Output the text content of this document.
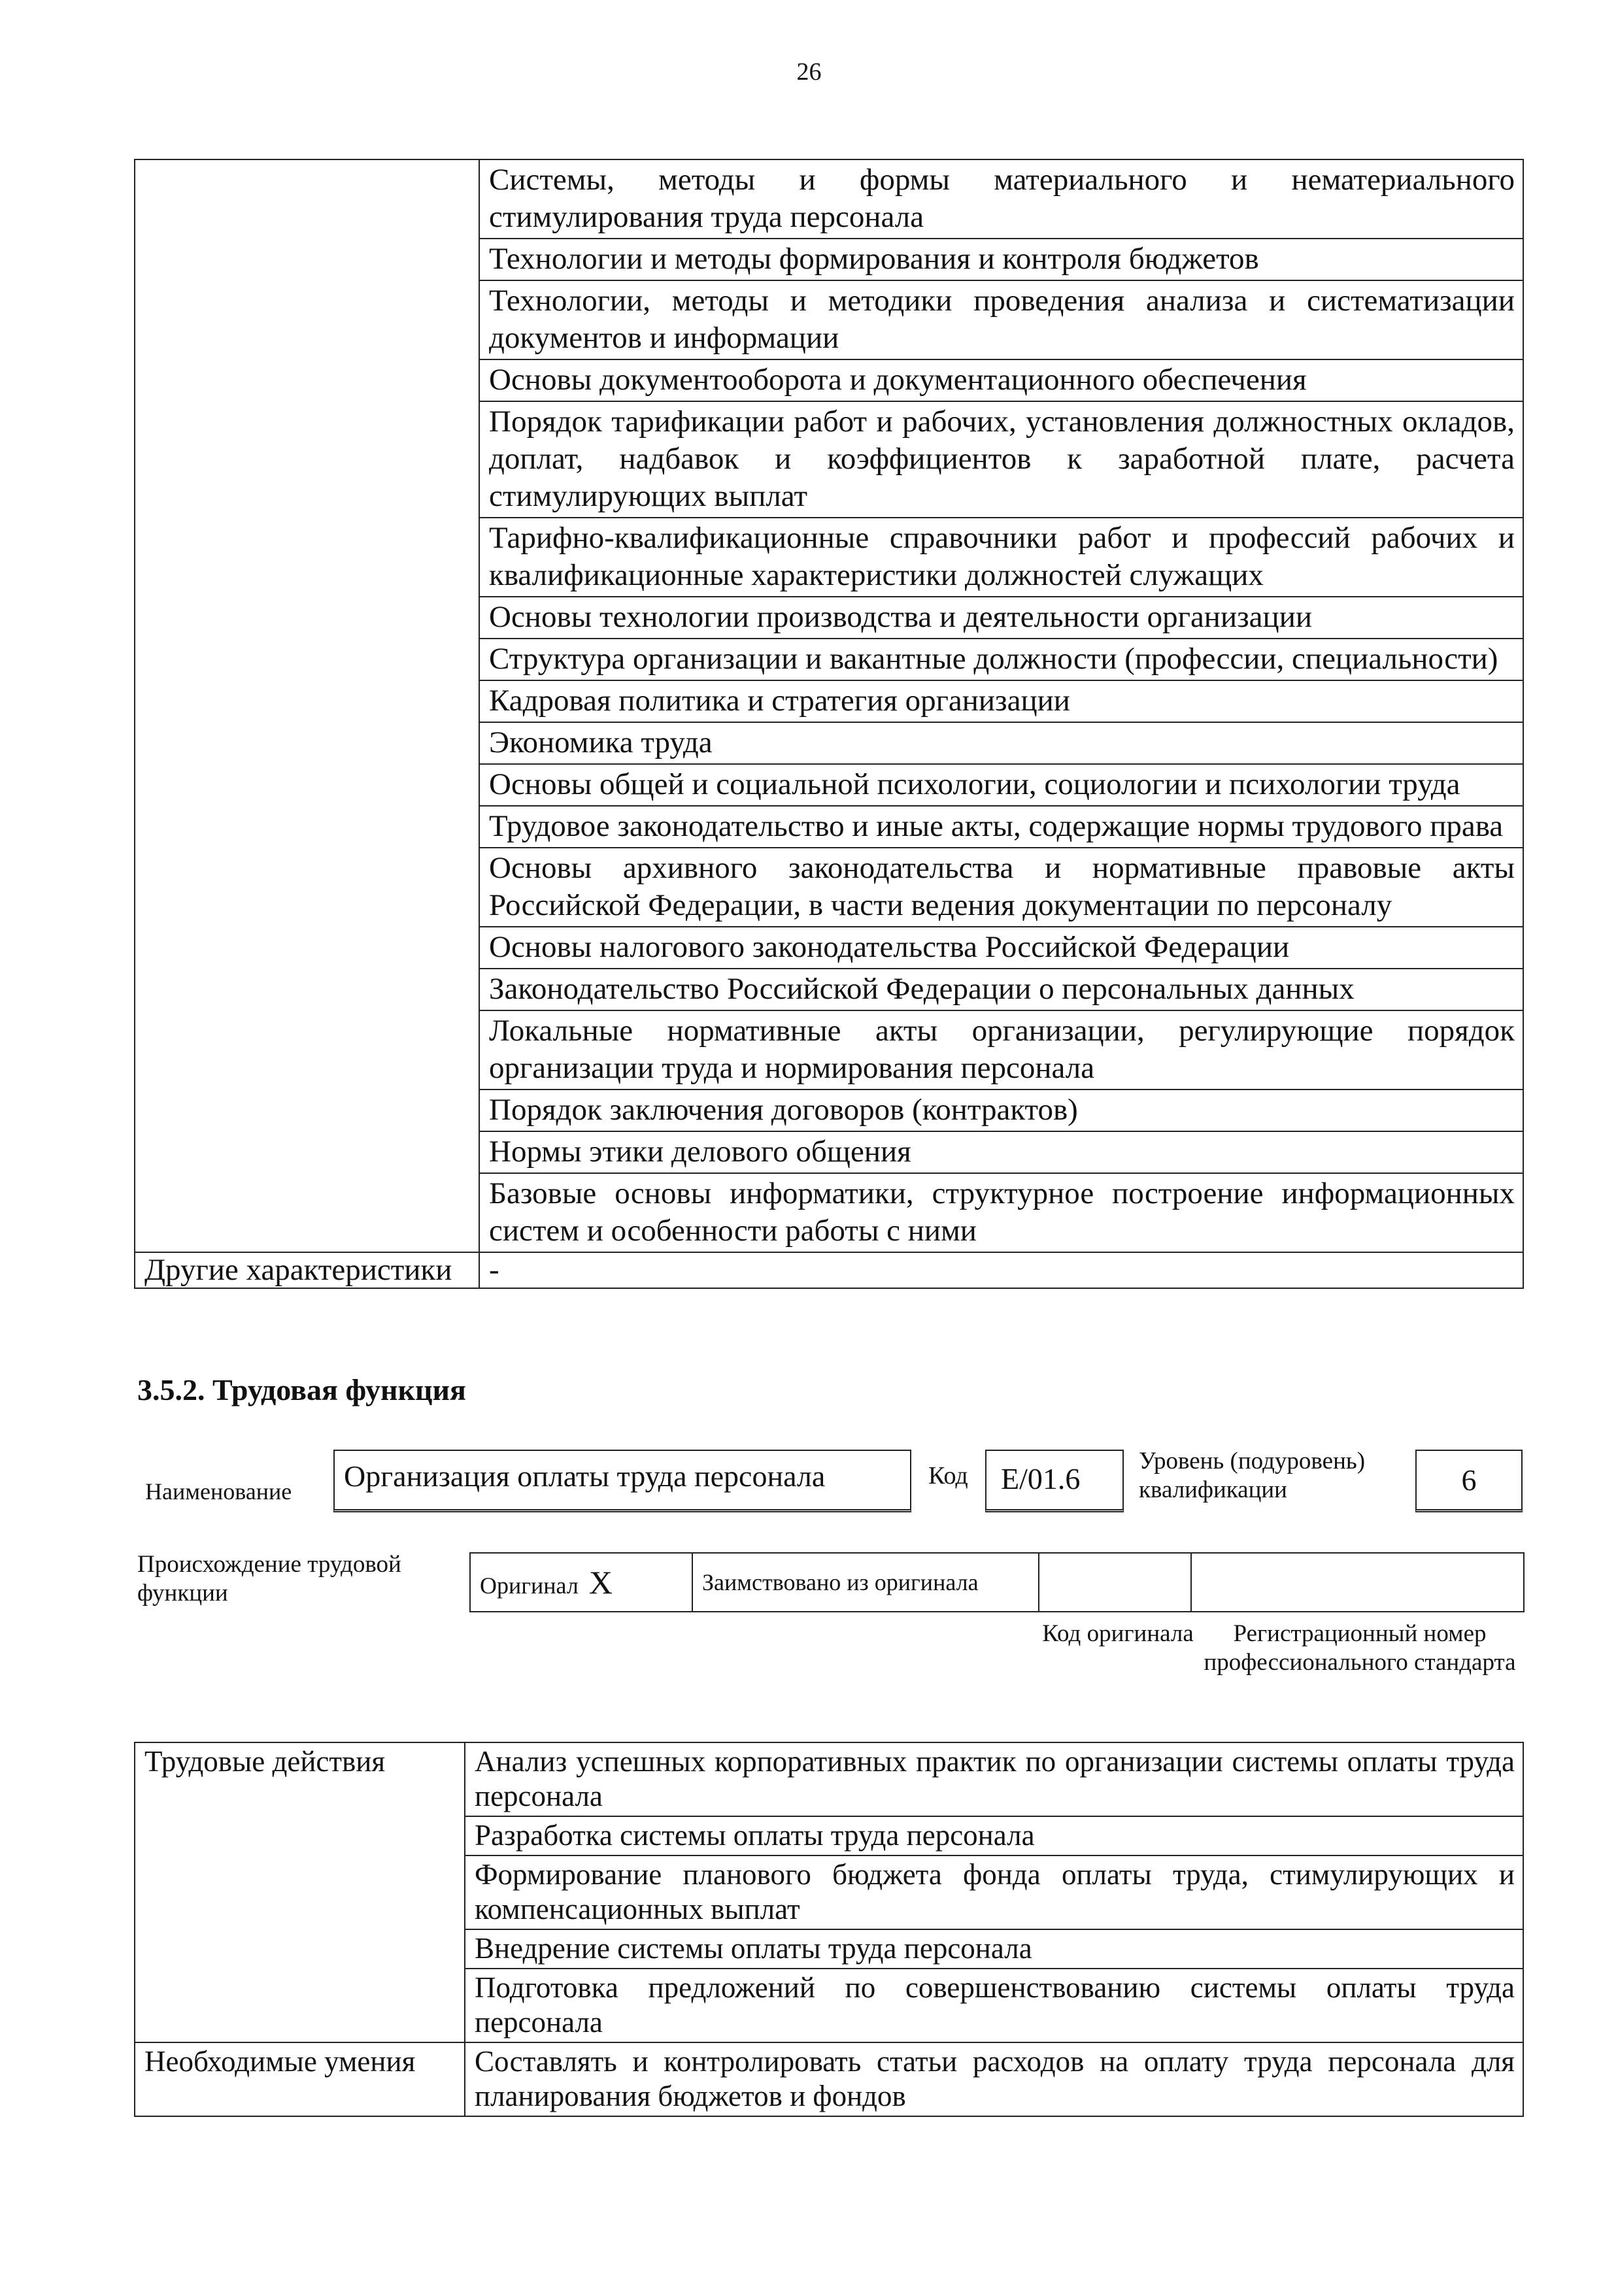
26
	Системы, методы и формы материального и нематериального стимулирования труда персонала
	Технологии и методы формирования и контроля бюджетов
	Технологии, методы и методики проведения анализа и систематизации документов и информации
	Основы документооборота и документационного обеспечения
	Порядок тарификации работ и рабочих, установления должностных окладов, доплат, надбавок и коэффициентов к заработной плате, расчета стимулирующих выплат
	Тарифно-квалификационные справочники работ и профессий рабочих и квалификационные характеристики должностей служащих
	Основы технологии производства и деятельности организации
	Структура организации и вакантные должности (профессии, специальности)
	Кадровая политика и стратегия организации
	Экономика труда
	Основы общей и социальной психологии, социологии и психологии труда
	Трудовое законодательство и иные акты, содержащие нормы трудового права
	Основы архивного законодательства и нормативные правовые акты Российской Федерации, в части ведения документации по персоналу
	Основы налогового законодательства Российской Федерации
	Законодательство Российской Федерации о персональных данных
	Локальные нормативные акты организации, регулирующие порядок организации труда и нормирования персонала
	Порядок заключения договоров (контрактов)
	Нормы этики делового общения
	Базовые основы информатики, структурное построение информационных систем и особенности работы с ними
Другие характеристики	-
3.5.2. Трудовая функция
Наименование	Организация оплаты труда персонала	Код	Е/01.6
Уровень (подуровень) квалификации	6
Происхождение трудовой функции	Оригинал X	Заимствовано из оригинала		
Код оригинала	Регистрационный номер профессионального стандарта
Трудовые действия	Анализ успешных корпоративных практик по организации системы оплаты труда персонала
	Разработка системы оплаты труда персонала
	Формирование планового бюджета фонда оплаты труда, стимулирующих и компенсационных выплат
	Внедрение системы оплаты труда персонала
	Подготовка предложений по совершенствованию системы оплаты труда персонала
Необходимые умения	Составлять и контролировать статьи расходов на оплату труда персонала для планирования бюджетов и фондов
